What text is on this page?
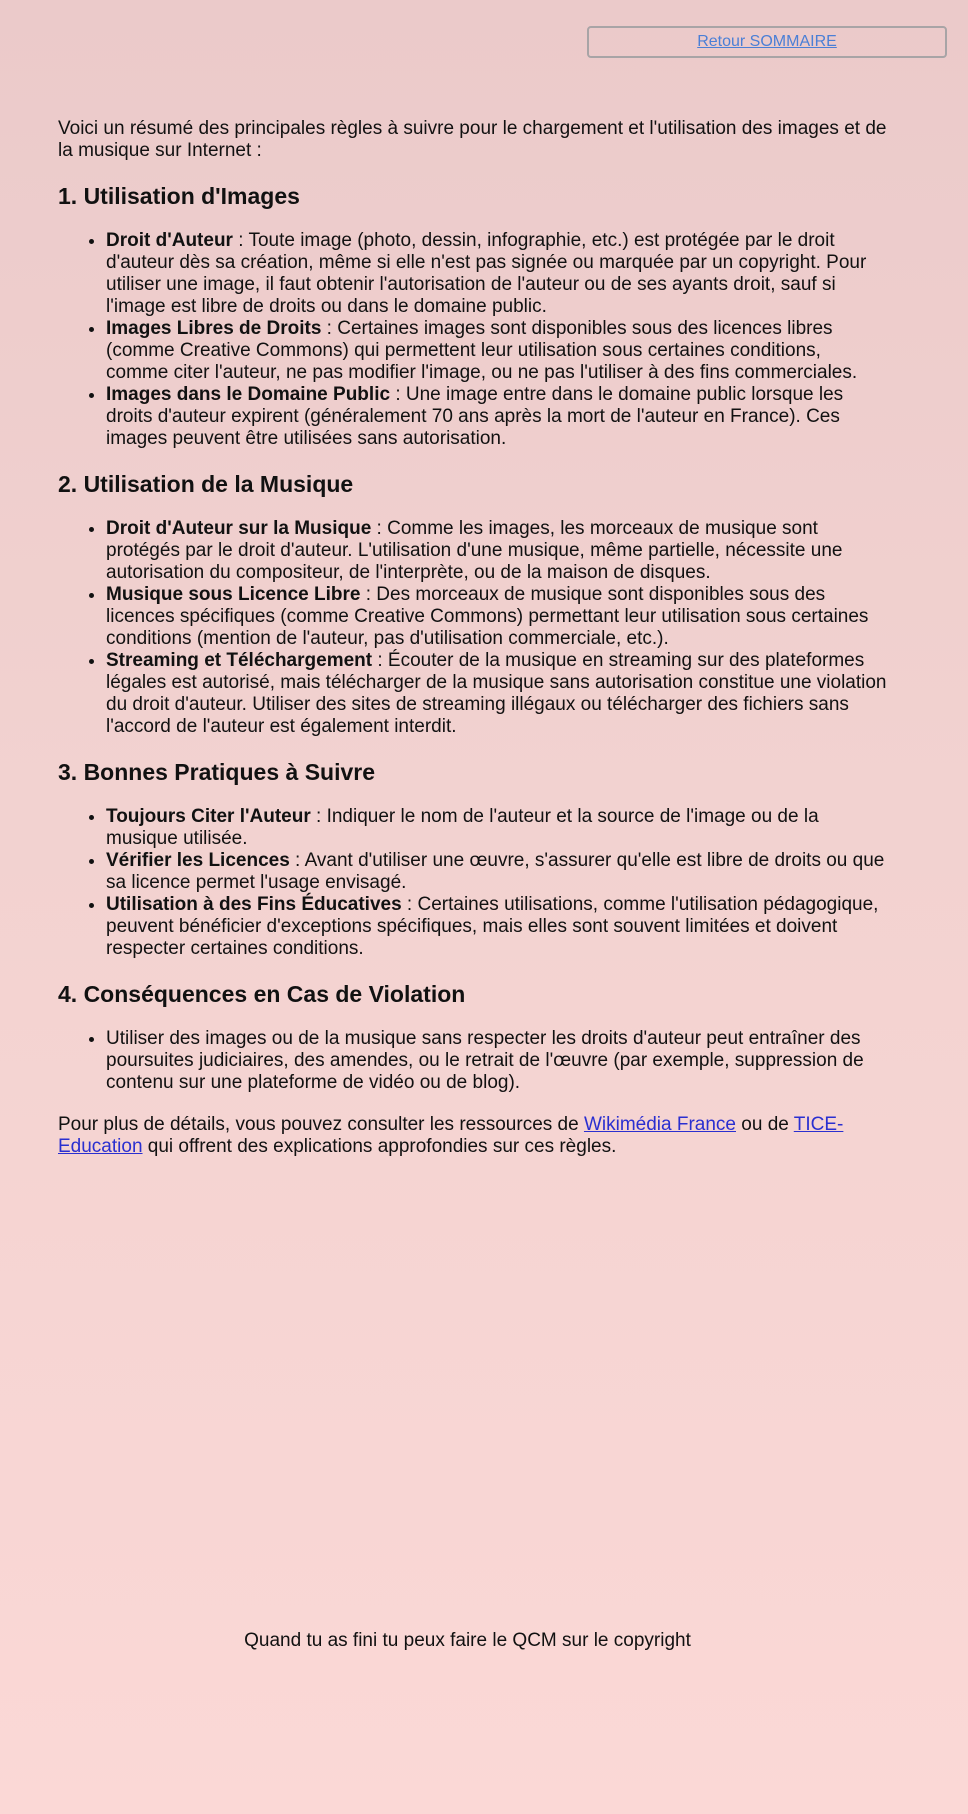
Retour SOMMAIRE

Voici un résumé des principales règles à suivre pour le chargement et l'utilisation des images et de la musique sur Internet :

1. Utilisation d'Images
• Droit d'Auteur : Toute image (photo, dessin, infographie, etc.) est protégée par le droit d'auteur dès sa création, même si elle n'est pas signée ou marquée par un copyright. Pour utiliser une image, il faut obtenir l'autorisation de l'auteur ou de ses ayants droit, sauf si l'image est libre de droits ou dans le domaine public.
• Images Libres de Droits : Certaines images sont disponibles sous des licences libres (comme Creative Commons) qui permettent leur utilisation sous certaines conditions, comme citer l'auteur, ne pas modifier l'image, ou ne pas l'utiliser à des fins commerciales.
• Images dans le Domaine Public : Une image entre dans le domaine public lorsque les droits d'auteur expirent (généralement 70 ans après la mort de l'auteur en France). Ces images peuvent être utilisées sans autorisation.
2. Utilisation de la Musique
• Droit d'Auteur sur la Musique : Comme les images, les morceaux de musique sont protégés par le droit d'auteur. L'utilisation d'une musique, même partielle, nécessite une autorisation du compositeur, de l'interprète, ou de la maison de disques.
• Musique sous Licence Libre : Des morceaux de musique sont disponibles sous des licences spécifiques (comme Creative Commons) permettant leur utilisation sous certaines conditions (mention de l'auteur, pas d'utilisation commerciale, etc.).
• Streaming et Téléchargement : Écouter de la musique en streaming sur des plateformes légales est autorisé, mais télécharger de la musique sans autorisation constitue une violation du droit d'auteur. Utiliser des sites de streaming illégaux ou télécharger des fichiers sans l'accord de l'auteur est également interdit.
3. Bonnes Pratiques à Suivre
• Toujours Citer l'Auteur : Indiquer le nom de l'auteur et la source de l'image ou de la musique utilisée.
• Vérifier les Licences : Avant d'utiliser une œuvre, s'assurer qu'elle est libre de droits ou que sa licence permet l'usage envisagé.
• Utilisation à des Fins Éducatives : Certaines utilisations, comme l'utilisation pédagogique, peuvent bénéficier d'exceptions spécifiques, mais elles sont souvent limitées et doivent respecter certaines conditions.
4. Conséquences en Cas de Violation
• Utiliser des images ou de la musique sans respecter les droits d'auteur peut entraîner des poursuites judiciaires, des amendes, ou le retrait de l'œuvre (par exemple, suppression de contenu sur une plateforme de vidéo ou de blog).

Pour plus de détails, vous pouvez consulter les ressources de Wikimédia France ou de TICE-Education qui offrent des explications approfondies sur ces règles.

Quand tu as fini tu peux faire le QCM sur le copyright
